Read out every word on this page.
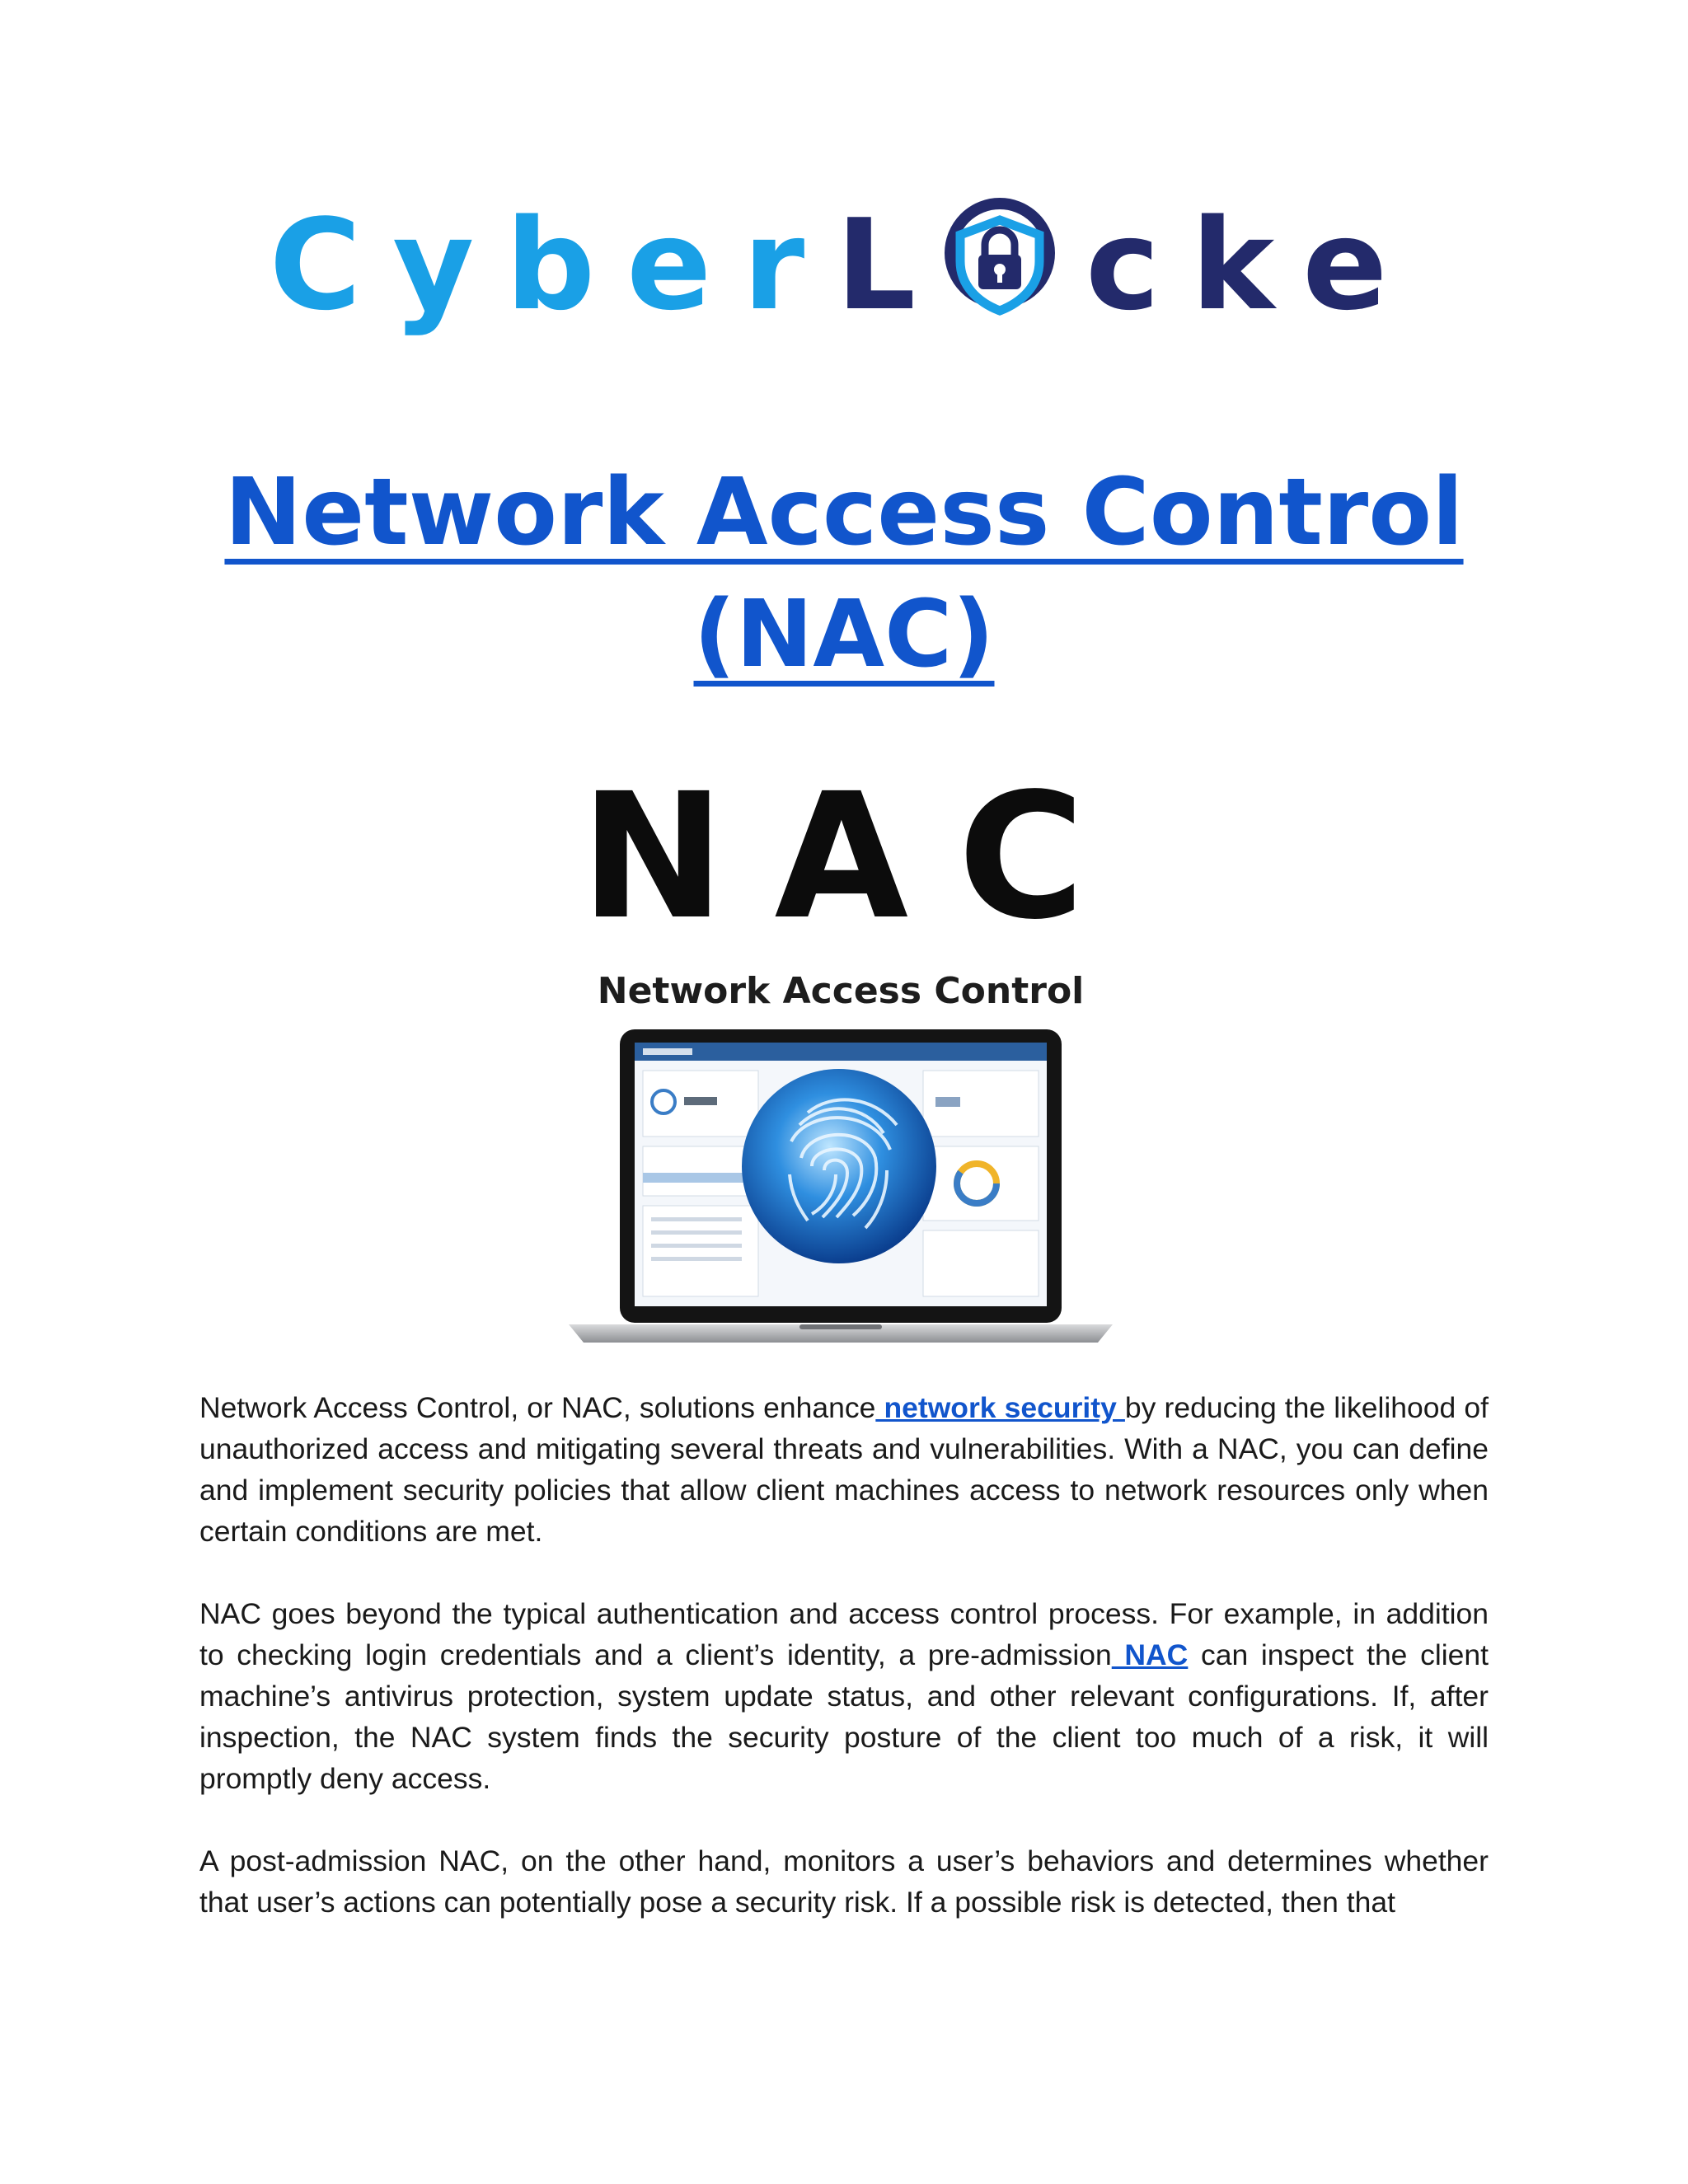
CyberL cke
Network Access Control (NAC)
NAC
Network Access Control

Network Access Control, or NAC, solutions enhance network security by reducing the likelihood of unauthorized access and mitigating several threats and vulnerabilities. With a NAC, you can define and implement security policies that allow client machines access to network resources only when certain conditions are met.

NAC goes beyond the typical authentication and access control process. For example, in addition to checking login credentials and a client’s identity, a pre-admission NAC can inspect the client machine’s antivirus protection, system update status, and other relevant configurations. If, after inspection, the NAC system finds the security posture of the client too much of a risk, it will promptly deny access.

A post-admission NAC, on the other hand, monitors a user’s behaviors and determines whether that user’s actions can potentially pose a security risk. If a possible risk is detected, then that
